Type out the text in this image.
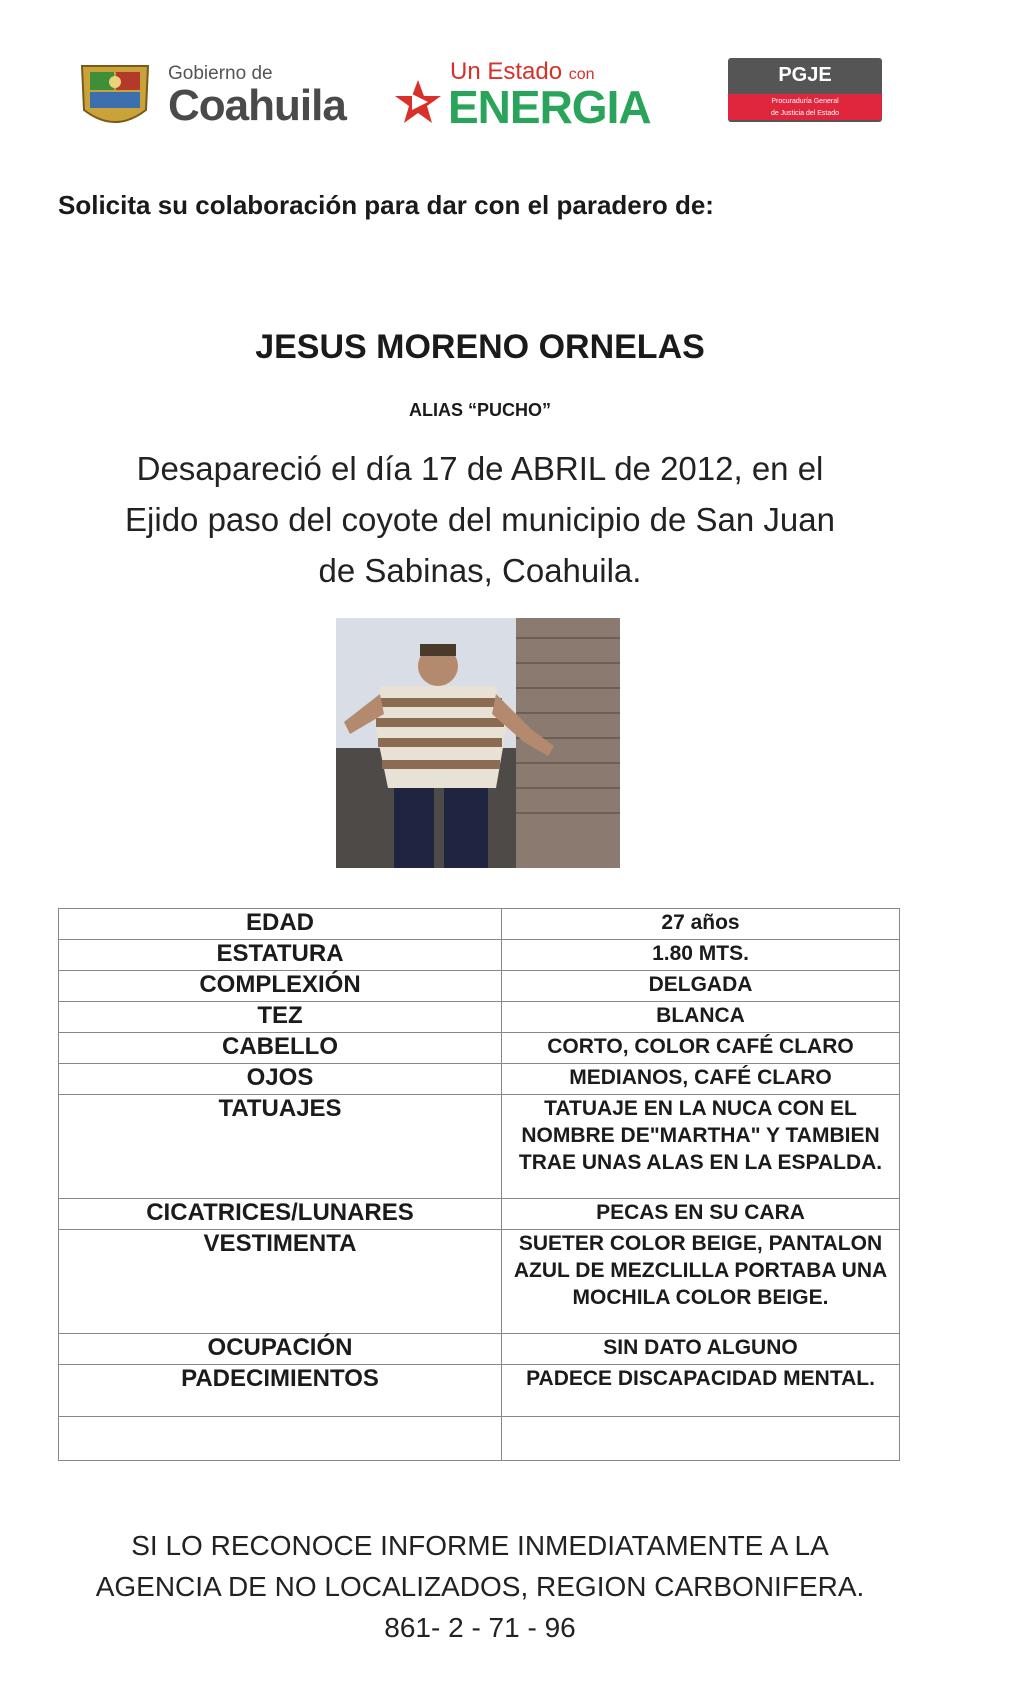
Gobierno de
Coahuila
Un Estado con
ENERGIA
PGJE
Procuraduría General
de Justicia del Estado
Solicita su colaboración para dar con el paradero de:
JESUS MORENO ORNELAS
ALIAS “PUCHO”
Desapareció el día 17 de ABRIL de 2012, en el
Ejido paso del coyote del municipio de San Juan
de Sabinas, Coahuila.
EDAD	27 años
ESTATURA	1.80 MTS.
COMPLEXIÓN	DELGADA
TEZ	BLANCA
CABELLO	CORTO, COLOR CAFÉ CLARO
OJOS	MEDIANOS, CAFÉ CLARO
TATUAJES	TATUAJE EN LA NUCA CON EL NOMBRE DE"MARTHA" Y TAMBIEN TRAE UNAS ALAS EN LA ESPALDA.
CICATRICES/LUNARES	PECAS EN SU CARA
VESTIMENTA	SUETER COLOR BEIGE, PANTALON AZUL DE MEZCLILLA PORTABA UNA MOCHILA COLOR BEIGE.
OCUPACIÓN	SIN DATO ALGUNO
PADECIMIENTOS	PADECE DISCAPACIDAD MENTAL.

SI LO RECONOCE INFORME INMEDIATAMENTE A LA
AGENCIA DE NO LOCALIZADOS, REGION CARBONIFERA.
861- 2 - 71 - 96
